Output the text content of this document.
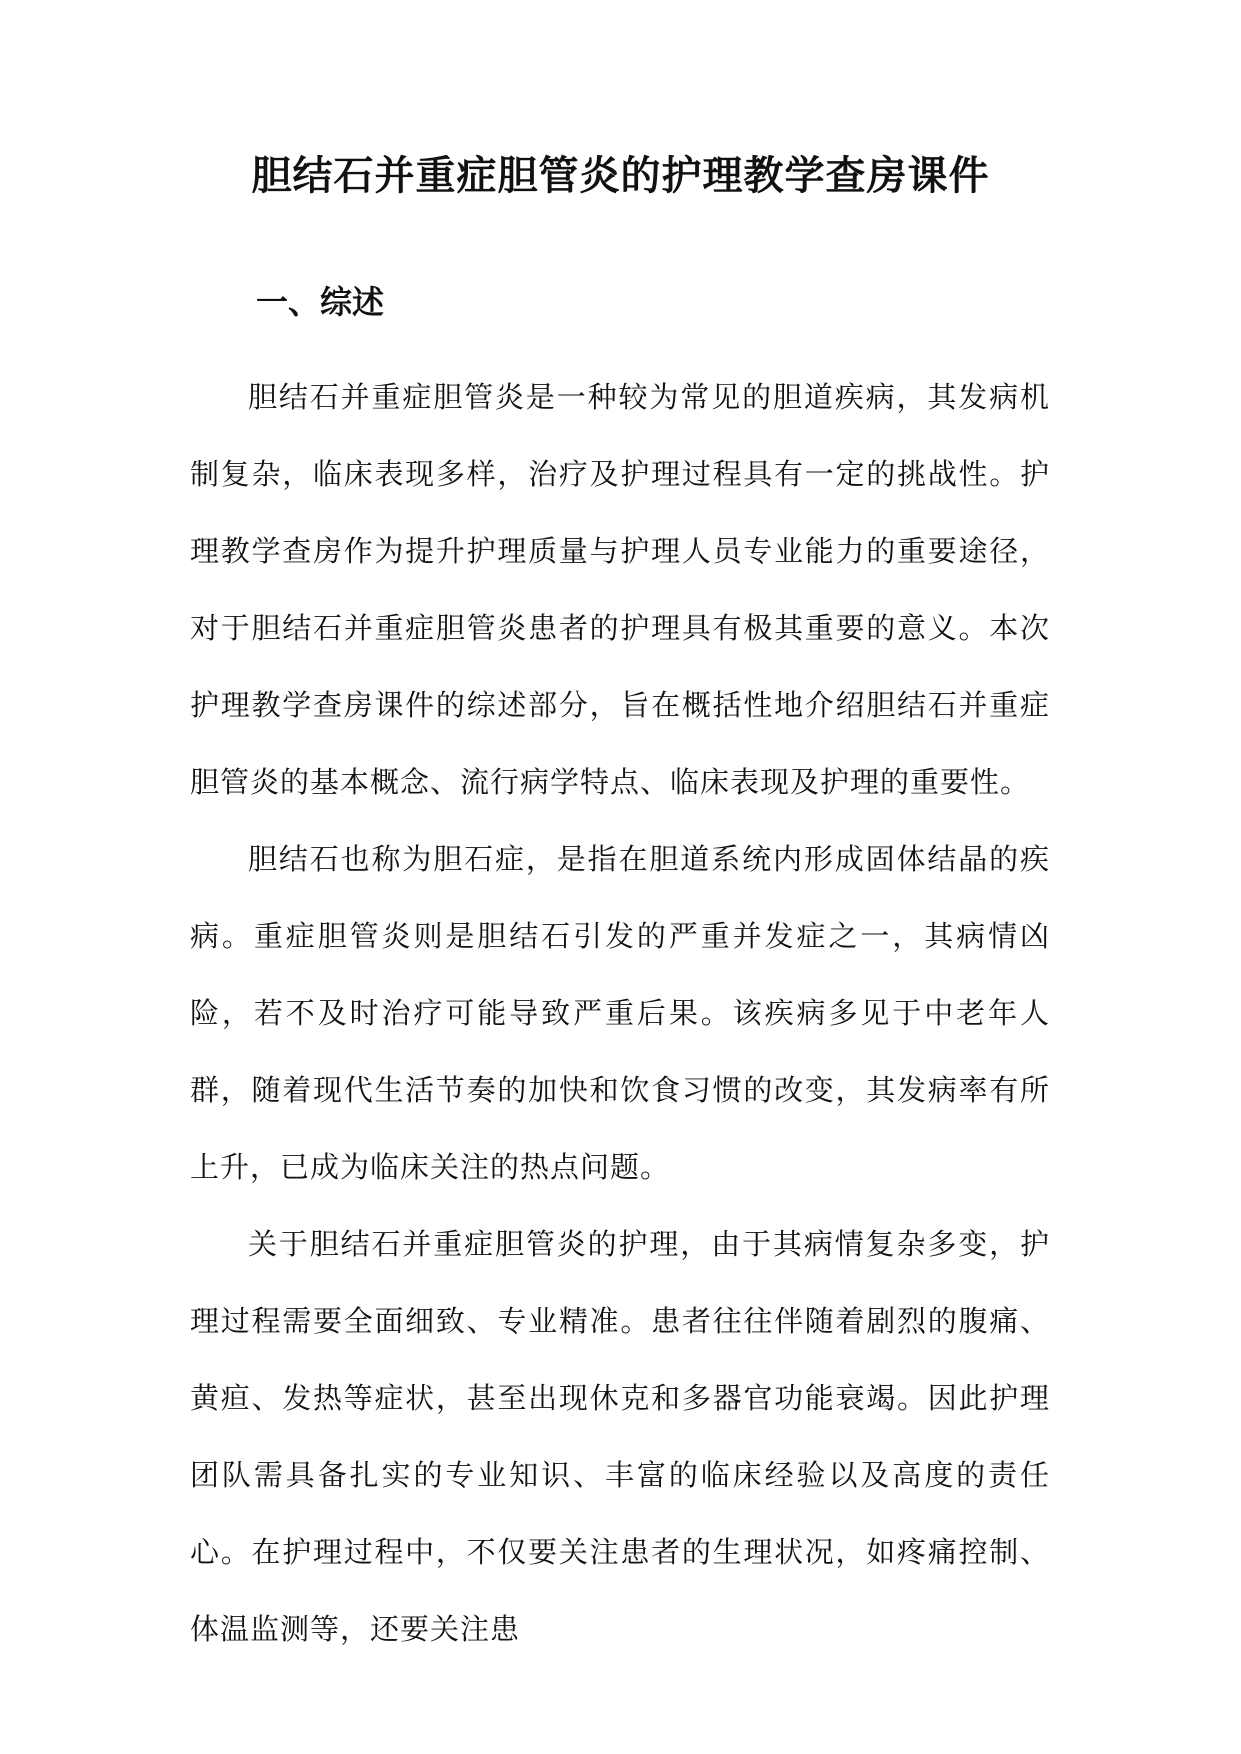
胆结石并重症胆管炎的护理教学查房课件
一、综述

胆结石并重症胆管炎是一种较为常见的胆道疾病，其发病机制复杂，临床表现多样，治疗及护理过程具有一定的挑战性。护理教学查房作为提升护理质量与护理人员专业能力的重要途径，对于胆结石并重症胆管炎患者的护理具有极其重要的意义。本次护理教学查房课件的综述部分，旨在概括性地介绍胆结石并重症胆管炎的基本概念、流行病学特点、临床表现及护理的重要性。

胆结石也称为胆石症，是指在胆道系统内形成固体结晶的疾病。重症胆管炎则是胆结石引发的严重并发症之一，其病情凶险，若不及时治疗可能导致严重后果。该疾病多见于中老年人群，随着现代生活节奏的加快和饮食习惯的改变，其发病率有所上升，已成为临床关注的热点问题。

关于胆结石并重症胆管炎的护理，由于其病情复杂多变，护理过程需要全面细致、专业精准。患者往往伴随着剧烈的腹痛、黄疸、发热等症状，甚至出现休克和多器官功能衰竭。因此护理团队需具备扎实的专业知识、丰富的临床经验以及高度的责任心。在护理过程中，不仅要关注患者的生理状况，如疼痛控制、体温监测等，还要关注患
